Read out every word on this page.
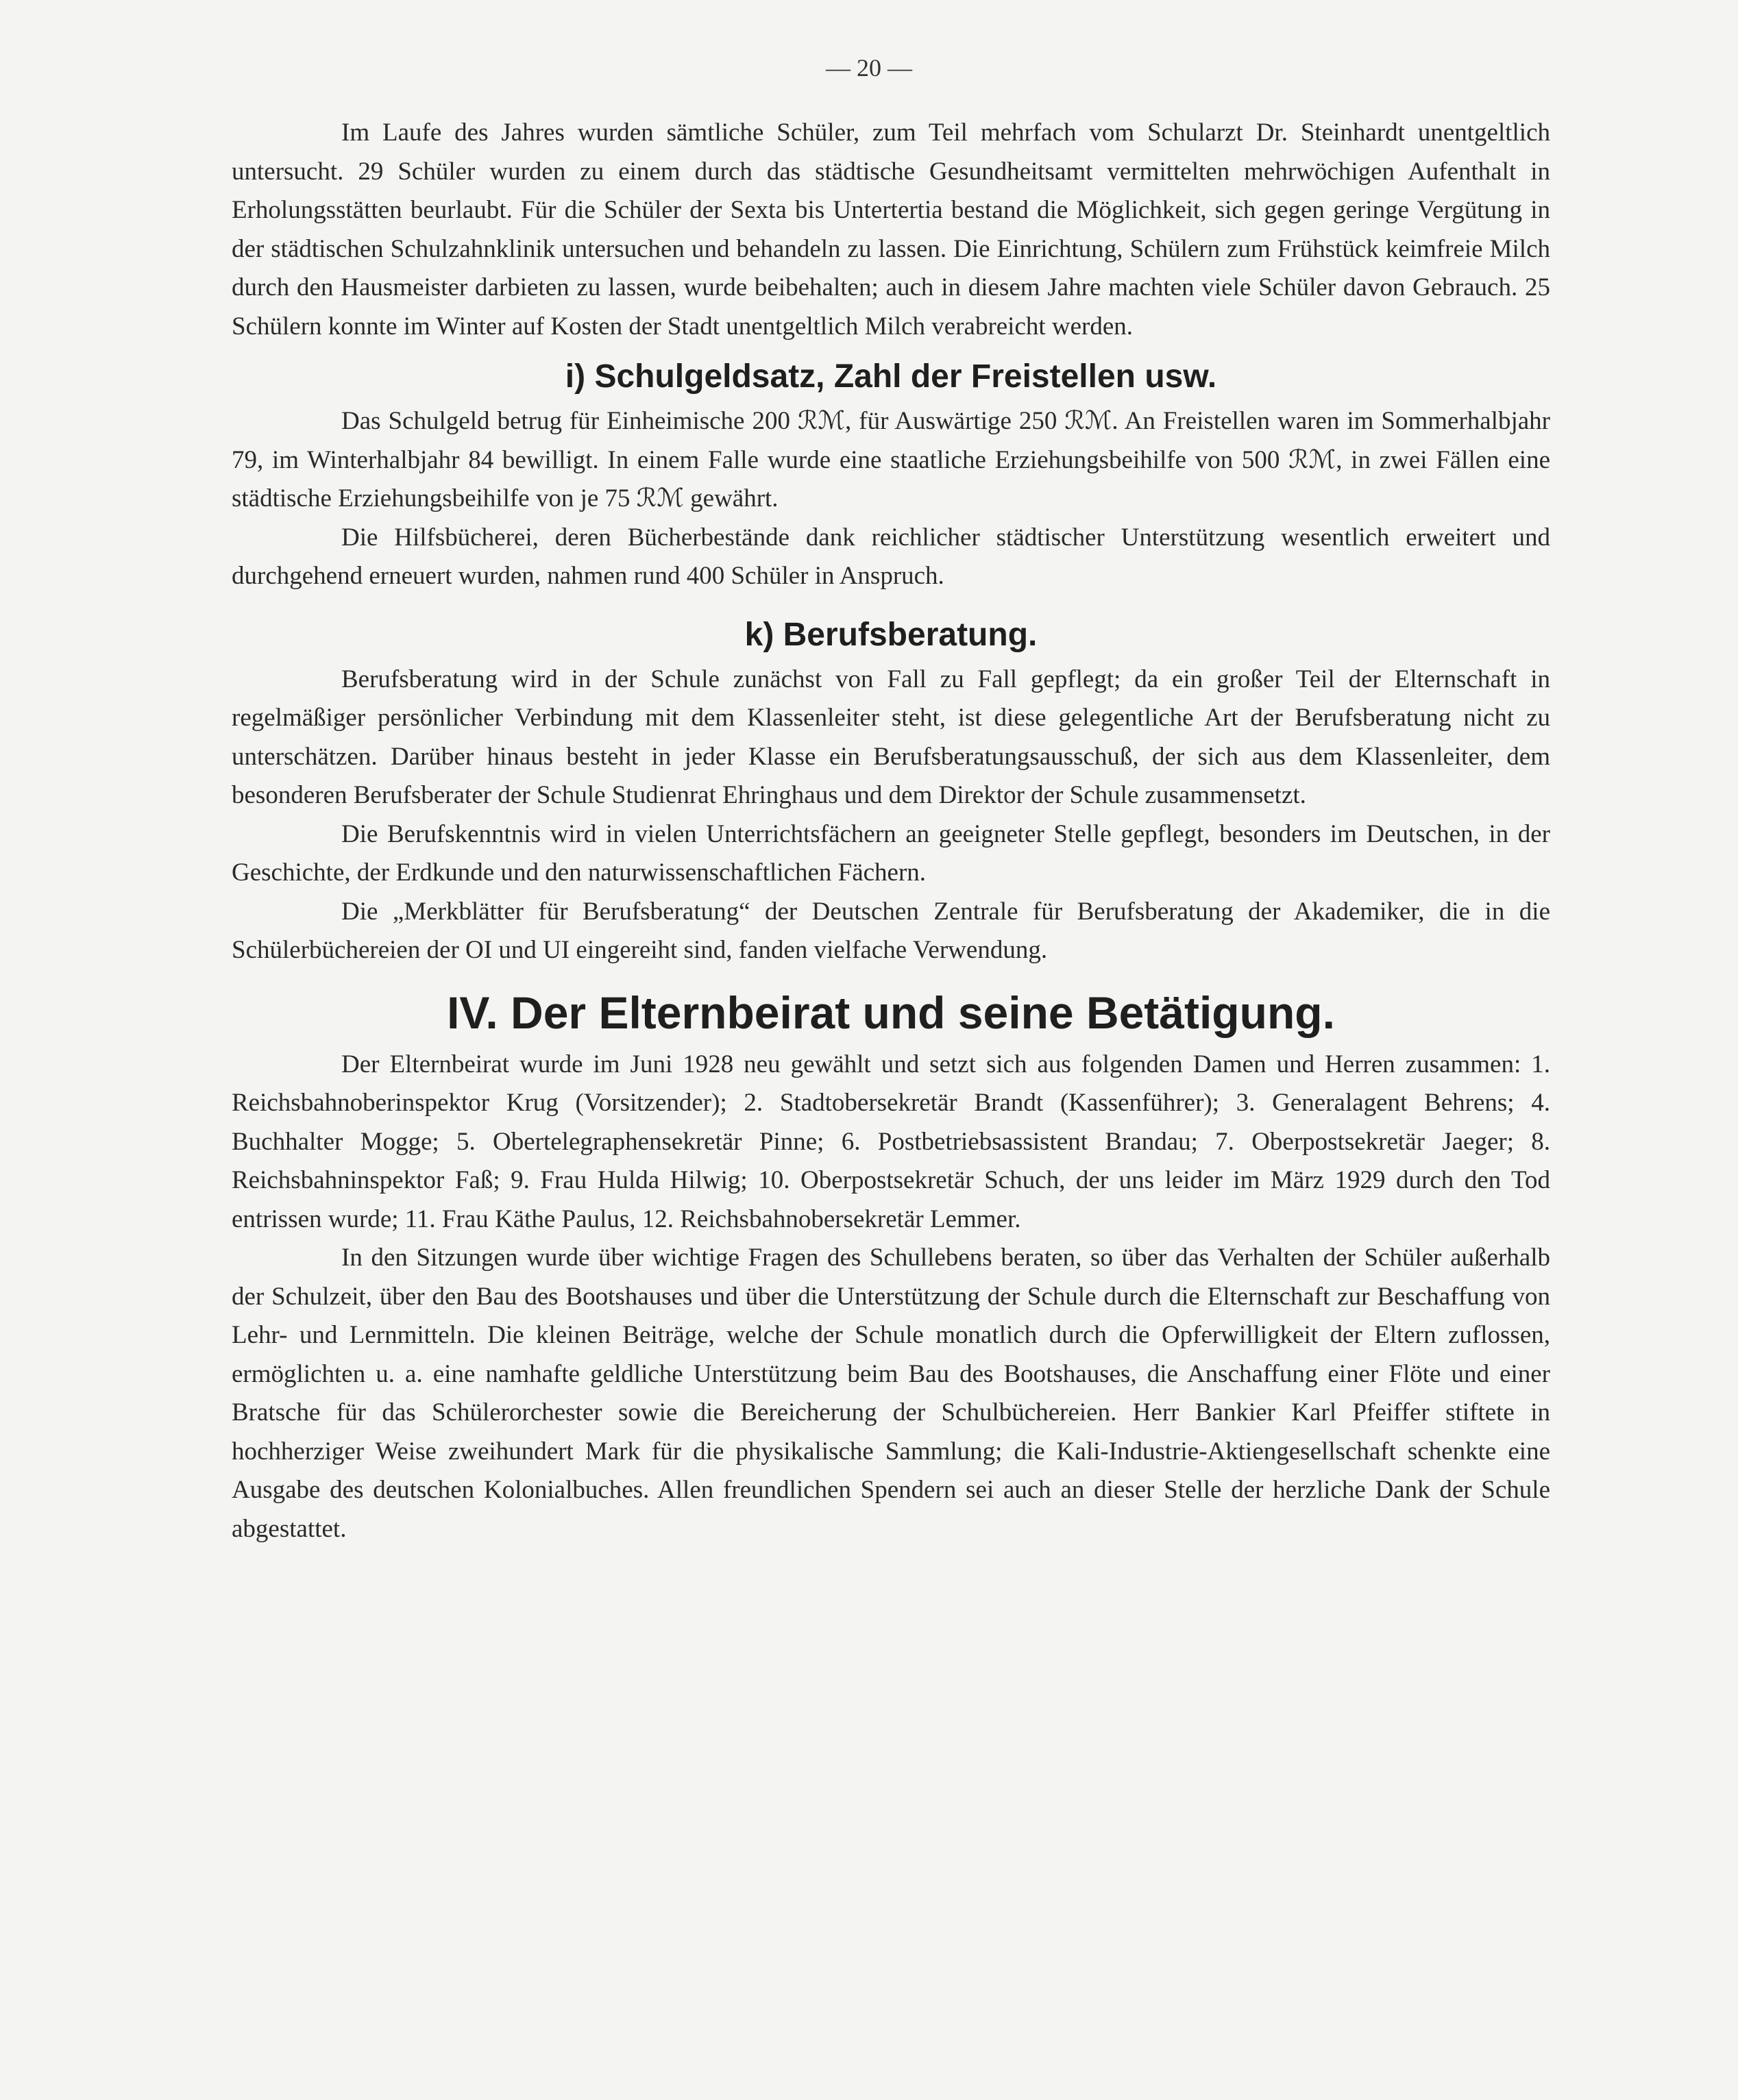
— 20 —

Im Laufe des Jahres wurden sämtliche Schüler, zum Teil mehrfach vom Schularzt Dr. Steinhardt unentgeltlich untersucht. 29 Schüler wurden zu einem durch das städtische Gesundheitsamt vermittelten mehrwöchigen Aufenthalt in Erholungsstätten beurlaubt. Für die Schüler der Sexta bis Untertertia bestand die Möglichkeit, sich gegen geringe Vergütung in der städtischen Schulzahnklinik untersuchen und behandeln zu lassen. Die Einrichtung, Schülern zum Frühstück keimfreie Milch durch den Hausmeister darbieten zu lassen, wurde beibehalten; auch in diesem Jahre machten viele Schüler davon Gebrauch. 25 Schülern konnte im Winter auf Kosten der Stadt unentgeltlich Milch verabreicht werden.

i) Schulgeldsatz, Zahl der Freistellen usw.

Das Schulgeld betrug für Einheimische 200 ℛℳ, für Auswärtige 250 ℛℳ. An Freistellen waren im Sommerhalbjahr 79, im Winterhalbjahr 84 bewilligt. In einem Falle wurde eine staatliche Erziehungsbeihilfe von 500 ℛℳ, in zwei Fällen eine städtische Erziehungsbeihilfe von je 75 ℛℳ gewährt.

Die Hilfsbücherei, deren Bücherbestände dank reichlicher städtischer Unterstützung wesentlich erweitert und durchgehend erneuert wurden, nahmen rund 400 Schüler in Anspruch.

k) Berufsberatung.

Berufsberatung wird in der Schule zunächst von Fall zu Fall gepflegt; da ein großer Teil der Elternschaft in regelmäßiger persönlicher Verbindung mit dem Klassenleiter steht, ist diese gelegentliche Art der Berufsberatung nicht zu unterschätzen. Darüber hinaus besteht in jeder Klasse ein Berufsberatungsausschuß, der sich aus dem Klassenleiter, dem besonderen Berufsberater der Schule Studienrat Ehringhaus und dem Direktor der Schule zusammensetzt.

Die Berufskenntnis wird in vielen Unterrichtsfächern an geeigneter Stelle gepflegt, besonders im Deutschen, in der Geschichte, der Erdkunde und den naturwissenschaftlichen Fächern.

Die „Merkblätter für Berufsberatung“ der Deutschen Zentrale für Berufsberatung der Akademiker, die in die Schülerbüchereien der OI und UI eingereiht sind, fanden vielfache Verwendung.

IV. Der Elternbeirat und seine Betätigung.

Der Elternbeirat wurde im Juni 1928 neu gewählt und setzt sich aus folgenden Damen und Herren zusammen: 1. Reichsbahnoberinspektor Krug (Vorsitzender); 2. Stadtobersekretär Brandt (Kassenführer); 3. Generalagent Behrens; 4. Buchhalter Mogge; 5. Obertelegraphensekretär Pinne; 6. Postbetriebsassistent Brandau; 7. Oberpostsekretär Jaeger; 8. Reichsbahninspektor Faß; 9. Frau Hulda Hilwig; 10. Oberpostsekretär Schuch, der uns leider im März 1929 durch den Tod entrissen wurde; 11. Frau Käthe Paulus, 12. Reichsbahnobersekretär Lemmer.

In den Sitzungen wurde über wichtige Fragen des Schullebens beraten, so über das Verhalten der Schüler außerhalb der Schulzeit, über den Bau des Bootshauses und über die Unterstützung der Schule durch die Elternschaft zur Beschaffung von Lehr- und Lernmitteln. Die kleinen Beiträge, welche der Schule monatlich durch die Opferwilligkeit der Eltern zuflossen, ermöglichten u. a. eine namhafte geldliche Unterstützung beim Bau des Bootshauses, die Anschaffung einer Flöte und einer Bratsche für das Schülerorchester sowie die Bereicherung der Schulbüchereien. Herr Bankier Karl Pfeiffer stiftete in hochherziger Weise zweihundert Mark für die physikalische Sammlung; die Kali-Industrie-Aktiengesellschaft schenkte eine Ausgabe des deutschen Kolonialbuches. Allen freundlichen Spendern sei auch an dieser Stelle der herzliche Dank der Schule abgestattet.
